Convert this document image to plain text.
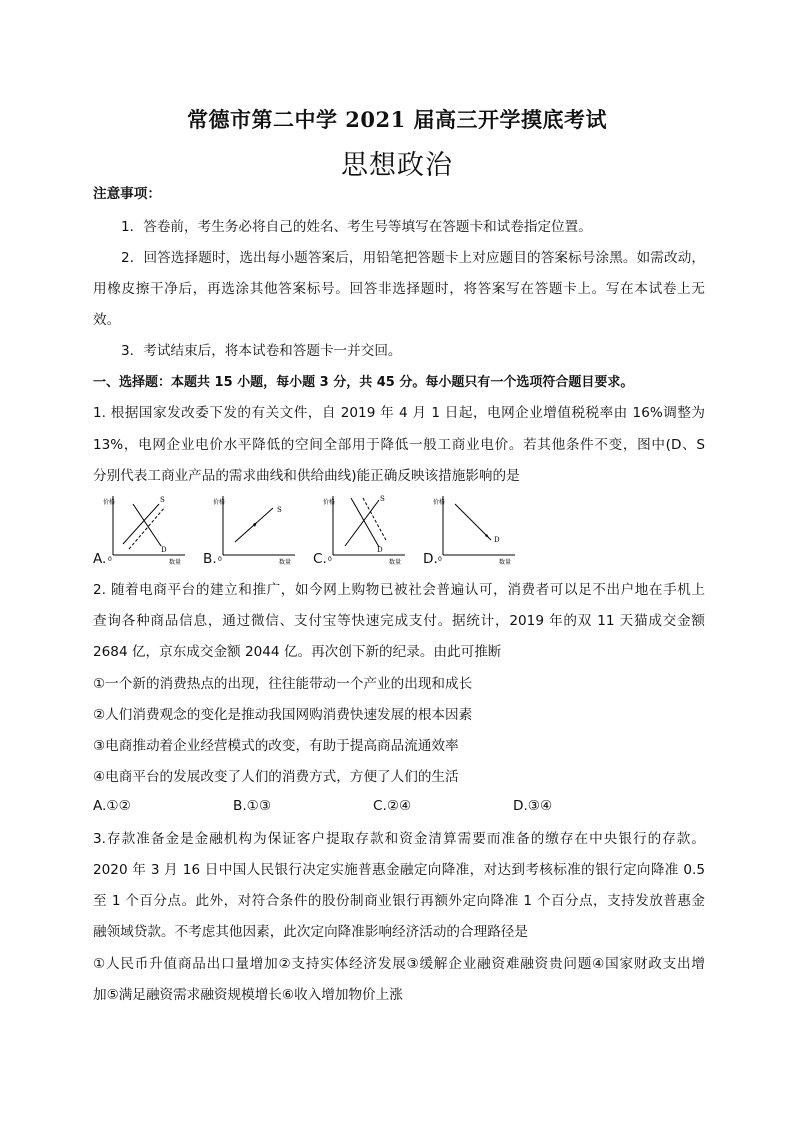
常德市第二中学 2021 届高三开学摸底考试
思想政治
注意事项：
1．答卷前，考生务必将自己的姓名、考生号等填写在答题卡和试卷指定位置。
2．回答选择题时，选出每小题答案后，用铅笔把答题卡上对应题目的答案标号涂黑。如需改动，
用橡皮擦干净后，再选涂其他答案标号。回答非选择题时，将答案写在答题卡上。写在本试卷上无
效。
3．考试结束后，将本试卷和答题卡一并交回。
一、选择题：本题共 15 小题，每小题 3 分，共 45 分。每小题只有一个选项符合题目要求。
1. 根据国家发改委下发的有关文件，自 2019 年 4 月 1 日起，电网企业增值税税率由 16%调整为
13%，电网企业电价水平降低的空间全部用于降低一般工商业电价。若其他条件不变，图中(D、S
分别代表工商业产品的需求曲线和供给曲线)能正确反映该措施影响的是
A.
价格
0	数量
S
D
B.
价格
0	数量
S
C.
价格
0	数量
S
D
D.
价格
0	数量
D
2. 随着电商平台的建立和推广，如今网上购物已被社会普遍认可，消费者可以足不出户地在手机上
查询各种商品信息，通过微信、支付宝等快速完成支付。据统计，2019 年的双 11 天猫成交金额
2684 亿，京东成交金额 2044 亿。再次创下新的纪录。由此可推断
①一个新的消费热点的出现，往往能带动一个产业的出现和成长
②人们消费观念的变化是推动我国网购消费快速发展的根本因素
③电商推动着企业经营模式的改变，有助于提高商品流通效率
④电商平台的发展改变了人们的消费方式，方便了人们的生活
A.①②	B.①③	C.②④	D.③④
3.存款准备金是金融机构为保证客户提取存款和资金清算需要而准备的缴存在中央银行的存款。
2020 年 3 月 16 日中国人民银行决定实施普惠金融定向降准，对达到考核标准的银行定向降准 0.5
至 1 个百分点。此外，对符合条件的股份制商业银行再额外定向降准 1 个百分点，支持发放普惠金
融领域贷款。不考虑其他因素，此次定向降准影响经济活动的合理路径是
①人民币升值商品出口量增加②支持实体经济发展③缓解企业融资难融资贵问题④国家财政支出增
加⑤满足融资需求融资规模增长⑥收入增加物价上涨
